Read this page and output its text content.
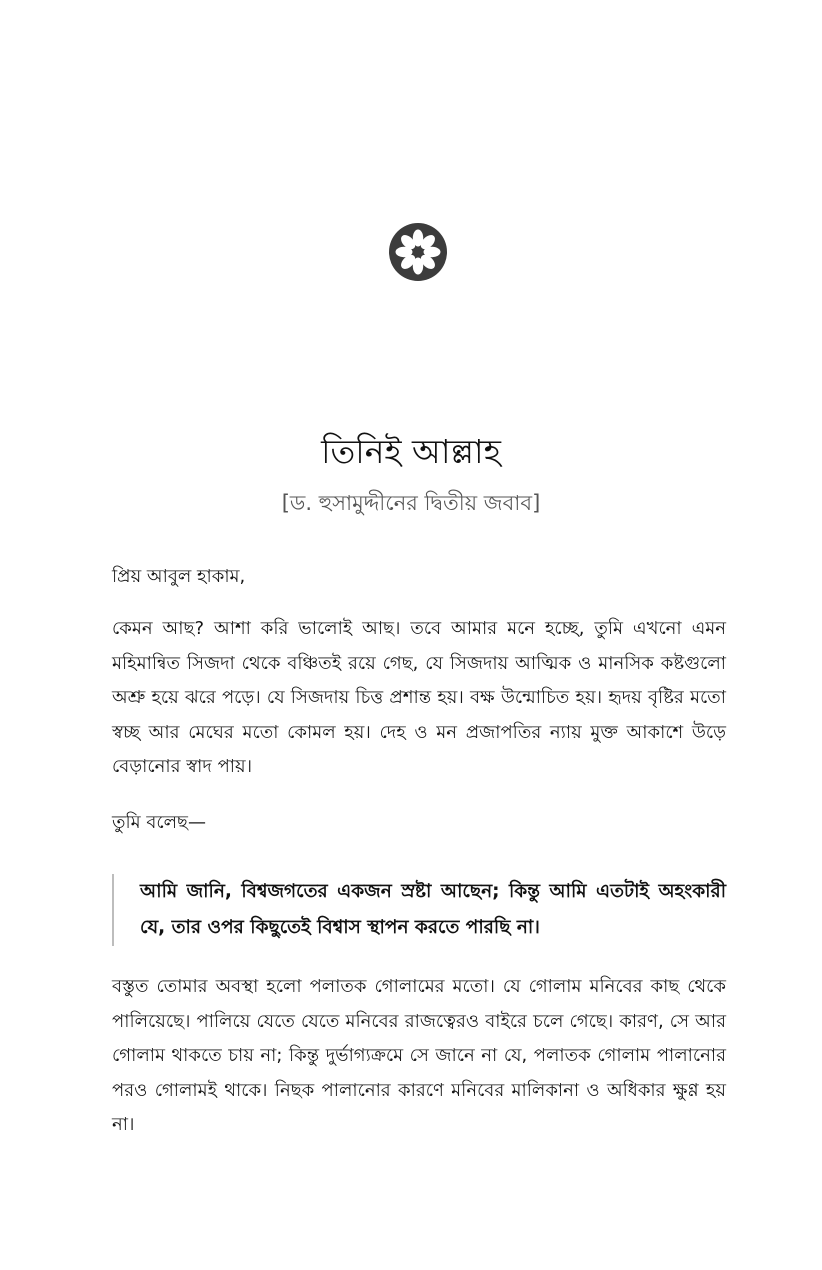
তিনিই আল্লাহ
[ড. হুসামুদ্দীনের দ্বিতীয় জবাব]

প্রিয় আবুল হাকাম,

কেমন আছ? আশা করি ভালোই আছ। তবে আমার মনে হচ্ছে, তুমি এখনো এমন মহিমান্বিত সিজদা থেকে বঞ্চিতই রয়ে গেছ, যে সিজদায় আত্মিক ও মানসিক কষ্টগুলো অশ্রু হয়ে ঝরে পড়ে। যে সিজদায় চিত্ত প্রশান্ত হয়। বক্ষ উন্মোচিত হয়। হৃদয় বৃষ্টির মতো স্বচ্ছ আর মেঘের মতো কোমল হয়। দেহ ও মন প্রজাপতির ন্যায় মুক্ত আকাশে উড়ে বেড়ানোর স্বাদ পায়।

তুমি বলেছ—

আমি জানি, বিশ্বজগতের একজন স্রষ্টা আছেন; কিন্তু আমি এতটাই অহংকারী যে, তার ওপর কিছুতেই বিশ্বাস স্থাপন করতে পারছি না।

বস্তুত তোমার অবস্থা হলো পলাতক গোলামের মতো। যে গোলাম মনিবের কাছ থেকে পালিয়েছে। পালিয়ে যেতে যেতে মনিবের রাজত্বেরও বাইরে চলে গেছে। কারণ, সে আর গোলাম থাকতে চায় না; কিন্তু দুর্ভাগ্যক্রমে সে জানে না যে, পলাতক গোলাম পালানোর পরও গোলামই থাকে। নিছক পালানোর কারণে মনিবের মালিকানা ও অধিকার ক্ষুণ্ণ হয় না।
